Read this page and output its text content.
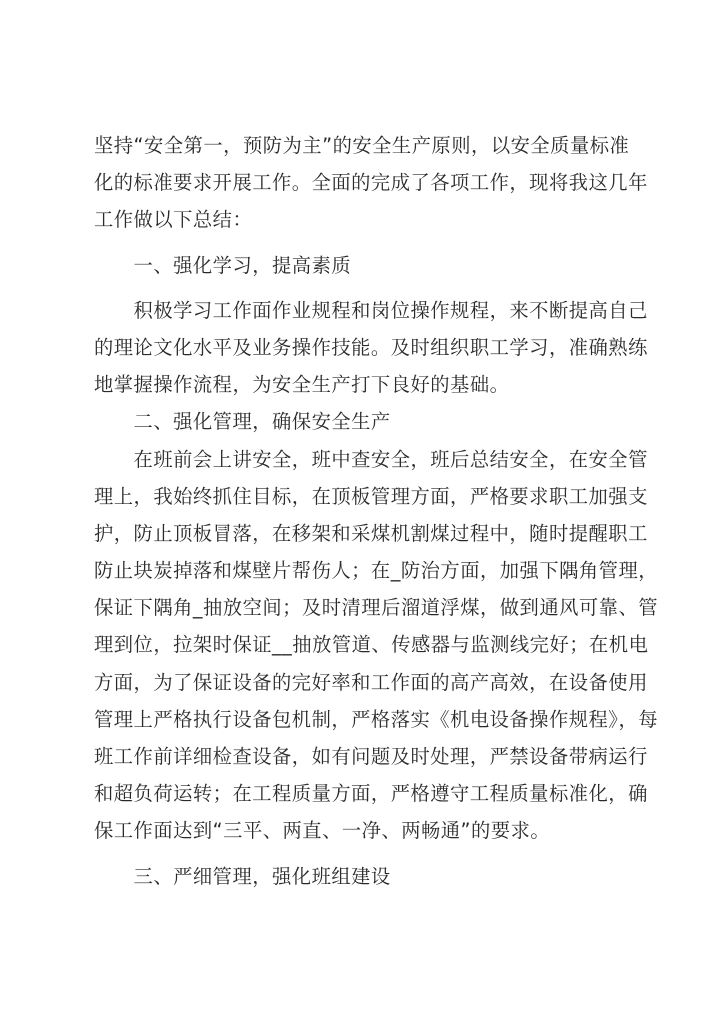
坚持“安全第一，预防为主”的安全生产原则，以安全质量标准
化的标准要求开展工作。全面的完成了各项工作，现将我这几年
工作做以下总结：
　　一、强化学习，提高素质
　　积极学习工作面作业规程和岗位操作规程，来不断提高自己
的理论文化水平及业务操作技能。及时组织职工学习，准确熟练
地掌握操作流程，为安全生产打下良好的基础。
　　二、强化管理，确保安全生产
　　在班前会上讲安全，班中查安全，班后总结安全，在安全管
理上，我始终抓住目标，在顶板管理方面，严格要求职工加强支
护，防止顶板冒落，在移架和采煤机割煤过程中，随时提醒职工
防止块炭掉落和煤壁片帮伤人；在_防治方面，加强下隅角管理，
保证下隅角_抽放空间；及时清理后溜道浮煤，做到通风可靠、管
理到位，拉架时保证__抽放管道、传感器与监测线完好；在机电
方面，为了保证设备的完好率和工作面的高产高效，在设备使用
管理上严格执行设备包机制，严格落实《机电设备操作规程》，每
班工作前详细检查设备，如有问题及时处理，严禁设备带病运行
和超负荷运转；在工程质量方面，严格遵守工程质量标准化，确
保工作面达到“三平、两直、一净、两畅通”的要求。
　　三、严细管理，强化班组建设
